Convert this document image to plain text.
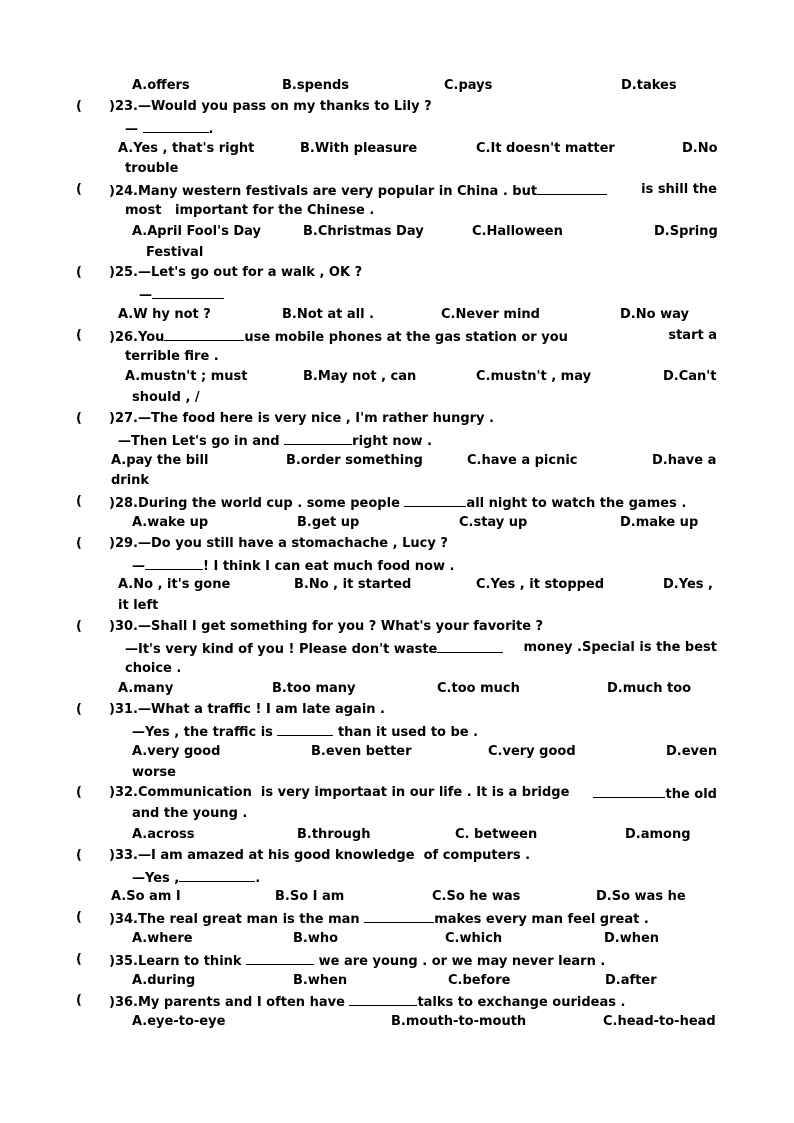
A.offers	B.spends	C.pays	D.takes
( )23.—Would you pass on my thanks to Lily ?
—	.
A.Yes , that's right	B.With pleasure	C.It doesn't matter	D.No
trouble
( )24.Many western festivals are very popular in China . but	is shill the
most   important for the Chinese .
A.April Fool's Day	B.Christmas Day	C.Halloween	D.Spring
Festival
( )25.—Let's go out for a walk , OK ?
—
A.W hy not ?	B.Not at all .	C.Never mind	D.No way
( )26.You	use mobile phones at the gas station or you	start a
terrible fire .
A.mustn't ; must	B.May not , can	C.mustn't , may	D.Can't
should , /
( )27.—The food here is very nice , I'm rather hungry .
—Then Let's go in and	right now .
A.pay the bill	B.order something	C.have a picnic	D.have a
drink
( )28.During the world cup . some people	all night to watch the games .
A.wake up	B.get up	C.stay up	D.make up
( )29.—Do you still have a stomachache , Lucy ?
—	! I think I can eat much food now .
A.No , it's gone	B.No , it started	C.Yes , it stopped	D.Yes ,
it left
( )30.—Shall I get something for you ? What's your favorite ?
—It's very kind of you ! Please don't waste	money .Special is the best
choice .
A.many	B.too many	C.too much	D.much too
( )31.—What a traffic ! I am late again .
—Yes , the traffic is	than it used to be .
A.very good	B.even better	C.very good	D.even
worse
( )32.Communication  is very importaat in our life . It is a bridge	the old
and the young .
A.across	B.through	C. between	D.among
( )33.—I am amazed at his good knowledge  of computers .
—Yes ,	.
A.So am I	B.So I am	C.So he was	D.So was he
( )34.The real great man is the man	makes every man feel great .
A.where	B.who	C.which	D.when
( )35.Learn to think	we are young . or we may never learn .
A.during	B.when	C.before	D.after
( )36.My parents and I often have	talks to exchange ourideas .
A.eye-to-eye	B.mouth-to-mouth	C.head-to-head
